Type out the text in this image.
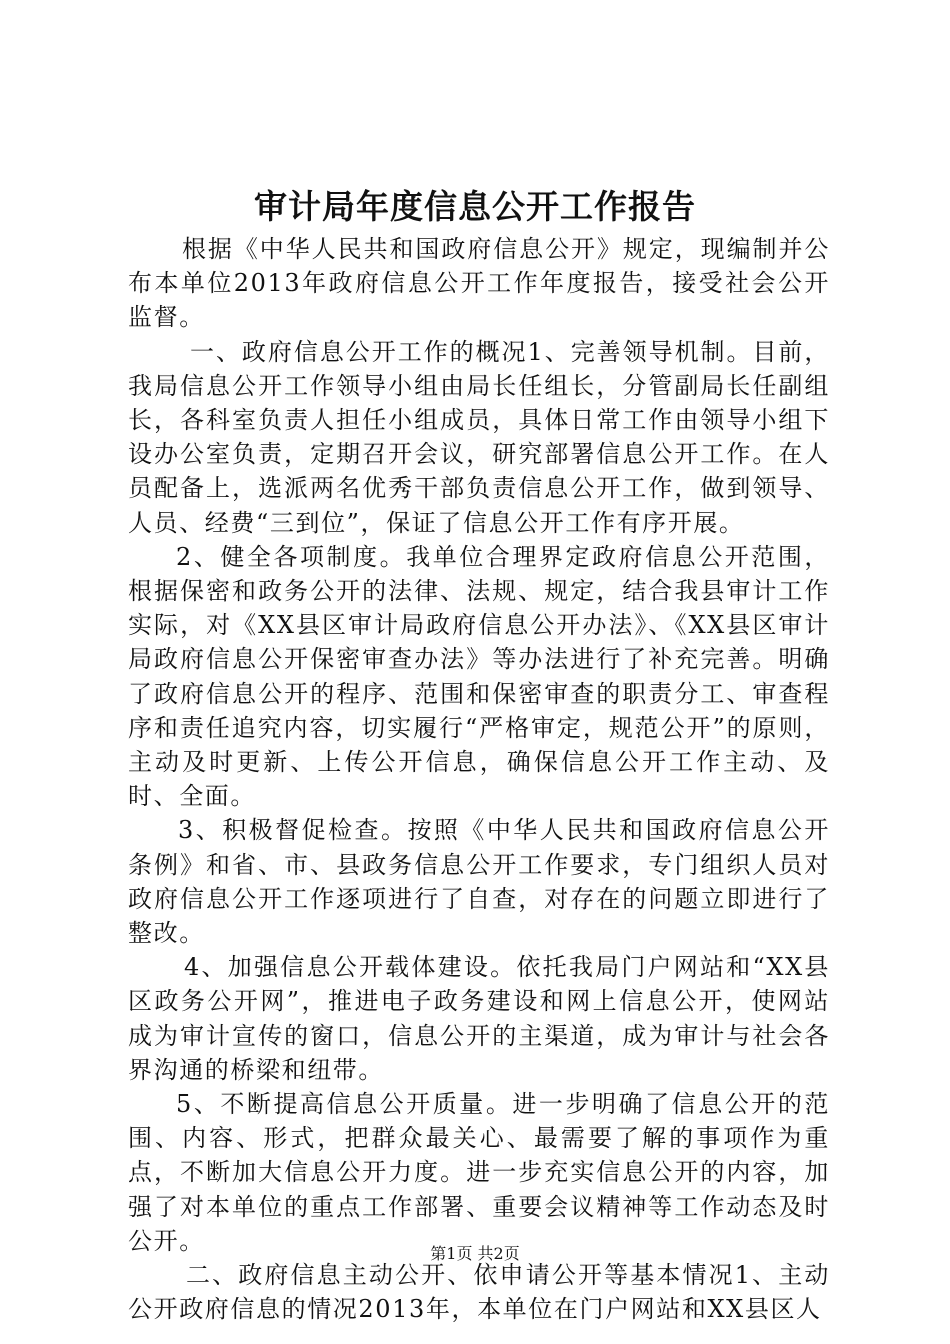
审计局年度信息公开工作报告

根据《中华人民共和国政府信息公开》规定，现编制并公布本单位2013年政府信息公开工作年度报告，接受社会公开监督。

一、政府信息公开工作的概况1、完善领导机制。目前，我局信息公开工作领导小组由局长任组长，分管副局长任副组长，各科室负责人担任小组成员，具体日常工作由领导小组下设办公室负责，定期召开会议，研究部署信息公开工作。在人员配备上，选派两名优秀干部负责信息公开工作，做到领导、人员、经费“三到位”，保证了信息公开工作有序开展。

2、健全各项制度。我单位合理界定政府信息公开范围，根据保密和政务公开的法律、法规、规定，结合我县审计工作实际，对《XX县区审计局政府信息公开办法》、《XX县区审计局政府信息公开保密审查办法》等办法进行了补充完善。明确了政府信息公开的程序、范围和保密审查的职责分工、审查程序和责任追究内容，切实履行“严格审定，规范公开”的原则，主动及时更新、上传公开信息，确保信息公开工作主动、及时、全面。

3、积极督促检查。按照《中华人民共和国政府信息公开条例》和省、市、县政务信息公开工作要求，专门组织人员对政府信息公开工作逐项进行了自查，对存在的问题立即进行了整改。

4、加强信息公开载体建设。依托我局门户网站和“XX县区政务公开网”，推进电子政务建设和网上信息公开，使网站成为审计宣传的窗口，信息公开的主渠道，成为审计与社会各界沟通的桥梁和纽带。

5、不断提高信息公开质量。进一步明确了信息公开的范围、内容、形式，把群众最关心、最需要了解的事项作为重点，不断加大信息公开力度。进一步充实信息公开的内容，加强了对本单位的重点工作部署、重要会议精神等工作动态及时公开。

二、政府信息主动公开、依申请公开等基本情况1、主动公开政府信息的情况2013年，本单位在门户网站和XX县区人

第1页 共2页
